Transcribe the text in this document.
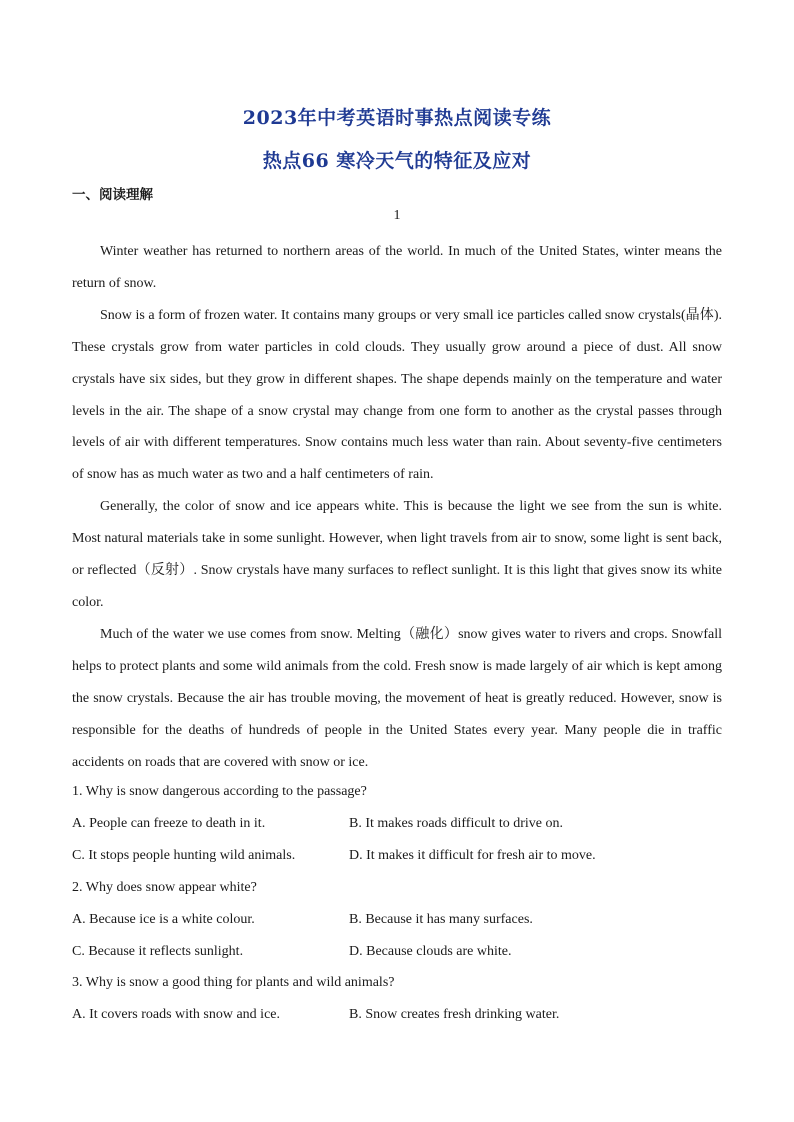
2023年中考英语时事热点阅读专练
热点66 寒冷天气的特征及应对
一、阅读理解
1

Winter weather has returned to northern areas of the world. In much of the United States, winter means the return of snow.

Snow is a form of frozen water. It contains many groups or very small ice particles called snow crystals(晶体). These crystals grow from water particles in cold clouds. They usually grow around a piece of dust. All snow crystals have six sides, but they grow in different shapes. The shape depends mainly on the temperature and water levels in the air. The shape of a snow crystal may change from one form to another as the crystal passes through levels of air with different temperatures. Snow contains much less water than rain. About seventy-five centimeters of snow has as much water as two and a half centimeters of rain.

Generally, the color of snow and ice appears white. This is because the light we see from the sun is white. Most natural materials take in some sunlight. However, when light travels from air to snow, some light is sent back, or reflected（反射）. Snow crystals have many surfaces to reflect sunlight. It is this light that gives snow its white color.

Much of the water we use comes from snow. Melting（融化）snow gives water to rivers and crops. Snowfall helps to protect plants and some wild animals from the cold. Fresh snow is made largely of air which is kept among the snow crystals. Because the air has trouble moving, the movement of heat is greatly reduced. However, snow is responsible for the deaths of hundreds of people in the United States every year. Many people die in traffic accidents on roads that are covered with snow or ice.

1. Why is snow dangerous according to the passage?

A. People can freeze to death in it.	B. It makes roads difficult to drive on.
C. It stops people hunting wild animals.	D. It makes it difficult for fresh air to move.

2. Why does snow appear white?

A. Because ice is a white colour.	B. Because it has many surfaces.
C. Because it reflects sunlight.	D. Because clouds are white.

3. Why is snow a good thing for plants and wild animals?

A. It covers roads with snow and ice.	B. Snow creates fresh drinking water.
